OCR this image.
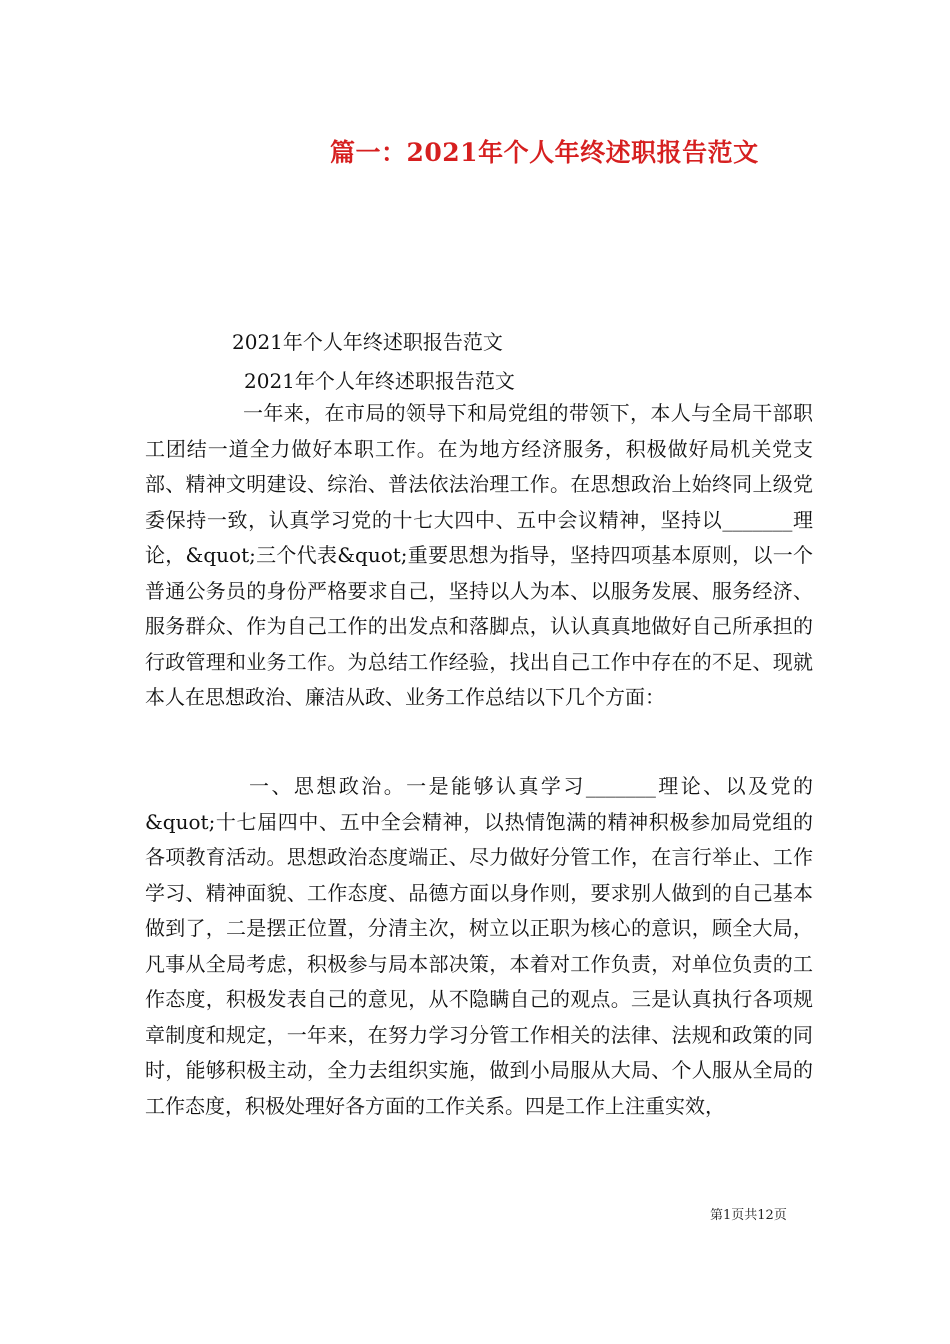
篇一：2021年个人年终述职报告范文
2021年个人年终述职报告范文
2021年个人年终述职报告范文
一年来，在市局的领导下和局党组的带领下，本人与全局干部职工团结一道全力做好本职工作。在为地方经济服务，积极做好局机关党支部、精神文明建设、综治、普法依法治理工作。在思想政治上始终同上级党委保持一致，认真学习党的十七大四中、五中会议精神，坚持以_______理论，&quot;三个代表&quot;重要思想为指导，坚持四项基本原则，以一个普通公务员的身份严格要求自己，坚持以人为本、以服务发展、服务经济、服务群众、作为自己工作的出发点和落脚点，认认真真地做好自己所承担的行政管理和业务工作。为总结工作经验，找出自己工作中存在的不足、现就本人在思想政治、廉洁从政、业务工作总结以下几个方面：
一、思想政治。一是能够认真学习_______理论、以及党的&quot;十七届四中、五中全会精神，以热情饱满的精神积极参加局党组的各项教育活动。思想政治态度端正、尽力做好分管工作，在言行举止、工作学习、精神面貌、工作态度、品德方面以身作则，要求别人做到的自己基本做到了，二是摆正位置，分清主次，树立以正职为核心的意识，顾全大局，凡事从全局考虑，积极参与局本部决策，本着对工作负责，对单位负责的工作态度，积极发表自己的意见，从不隐瞒自己的观点。三是认真执行各项规章制度和规定，一年来，在努力学习分管工作相关的法律、法规和政策的同时，能够积极主动，全力去组织实施，做到小局服从大局、个人服从全局的工作态度，积极处理好各方面的工作关系。四是工作上注重实效，
第1页共12页
